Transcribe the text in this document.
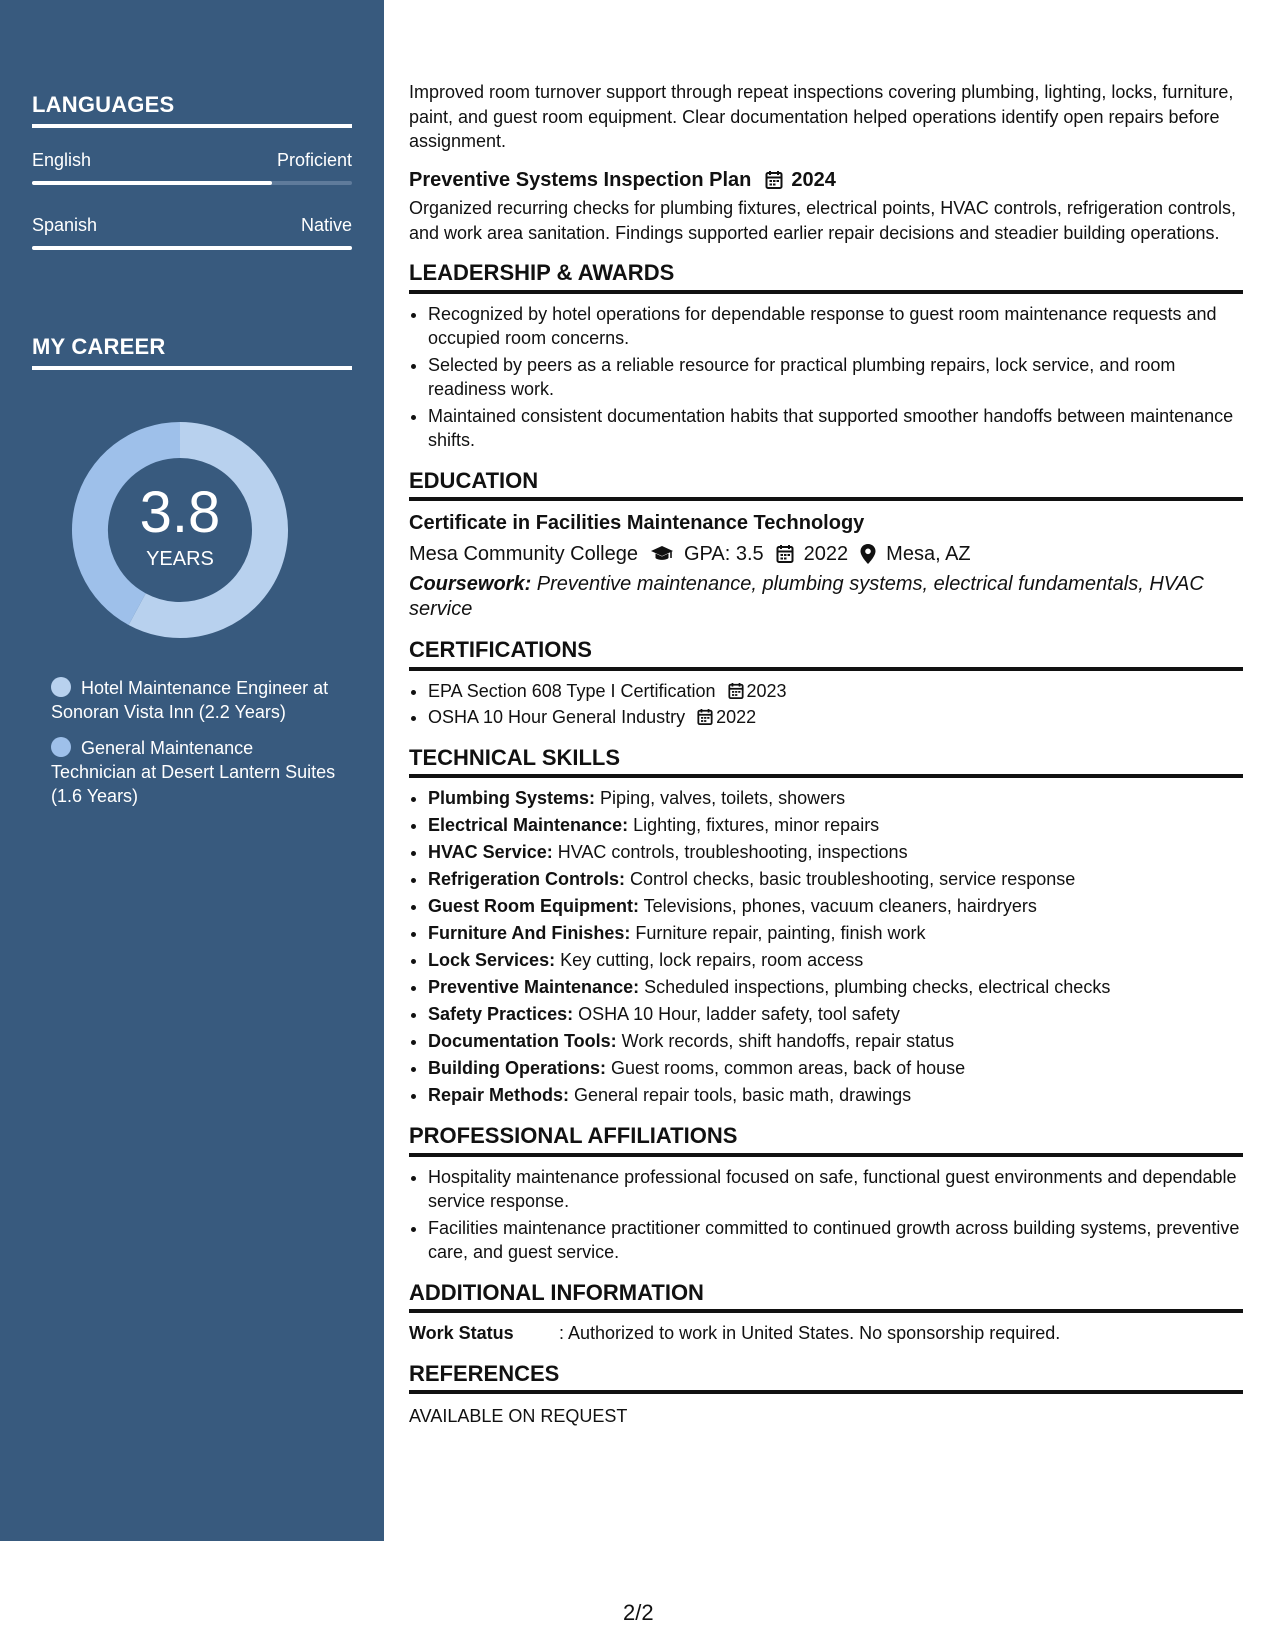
LANGUAGES
English	Proficient
Spanish	Native
MY CAREER
3.8
YEARS
Hotel Maintenance Engineer at Sonoran Vista Inn (2.2 Years)
General Maintenance Technician at Desert Lantern Suites (1.6 Years)

Improved room turnover support through repeat inspections covering plumbing, lighting, locks, furniture, paint, and guest room equipment. Clear documentation helped operations identify open repairs before assignment.

Preventive Systems Inspection Plan 2024

Organized recurring checks for plumbing fixtures, electrical points, HVAC controls, refrigeration controls, and work area sanitation. Findings supported earlier repair decisions and steadier building operations.

LEADERSHIP & AWARDS
• Recognized by hotel operations for dependable response to guest room maintenance requests and occupied room concerns.
• Selected by peers as a reliable resource for practical plumbing repairs, lock service, and room readiness work.
• Maintained consistent documentation habits that supported smoother handoffs between maintenance shifts.
EDUCATION
Certificate in Facilities Maintenance Technology
Mesa Community College GPA: 3.5 2022 Mesa, AZ
Coursework: Preventive maintenance, plumbing systems, electrical fundamentals, HVAC service
CERTIFICATIONS
• EPA Section 608 Type I Certification 2023
• OSHA 10 Hour General Industry 2022
TECHNICAL SKILLS
• Plumbing Systems: Piping, valves, toilets, showers
• Electrical Maintenance: Lighting, fixtures, minor repairs
• HVAC Service: HVAC controls, troubleshooting, inspections
• Refrigeration Controls: Control checks, basic troubleshooting, service response
• Guest Room Equipment: Televisions, phones, vacuum cleaners, hairdryers
• Furniture And Finishes: Furniture repair, painting, finish work
• Lock Services: Key cutting, lock repairs, room access
• Preventive Maintenance: Scheduled inspections, plumbing checks, electrical checks
• Safety Practices: OSHA 10 Hour, ladder safety, tool safety
• Documentation Tools: Work records, shift handoffs, repair status
• Building Operations: Guest rooms, common areas, back of house
• Repair Methods: General repair tools, basic math, drawings
PROFESSIONAL AFFILIATIONS
• Hospitality maintenance professional focused on safe, functional guest environments and dependable service response.
• Facilities maintenance practitioner committed to continued growth across building systems, preventive care, and guest service.
ADDITIONAL INFORMATION
Work Status	: Authorized to work in United States. No sponsorship required.
REFERENCES
AVAILABLE ON REQUEST
2/2
